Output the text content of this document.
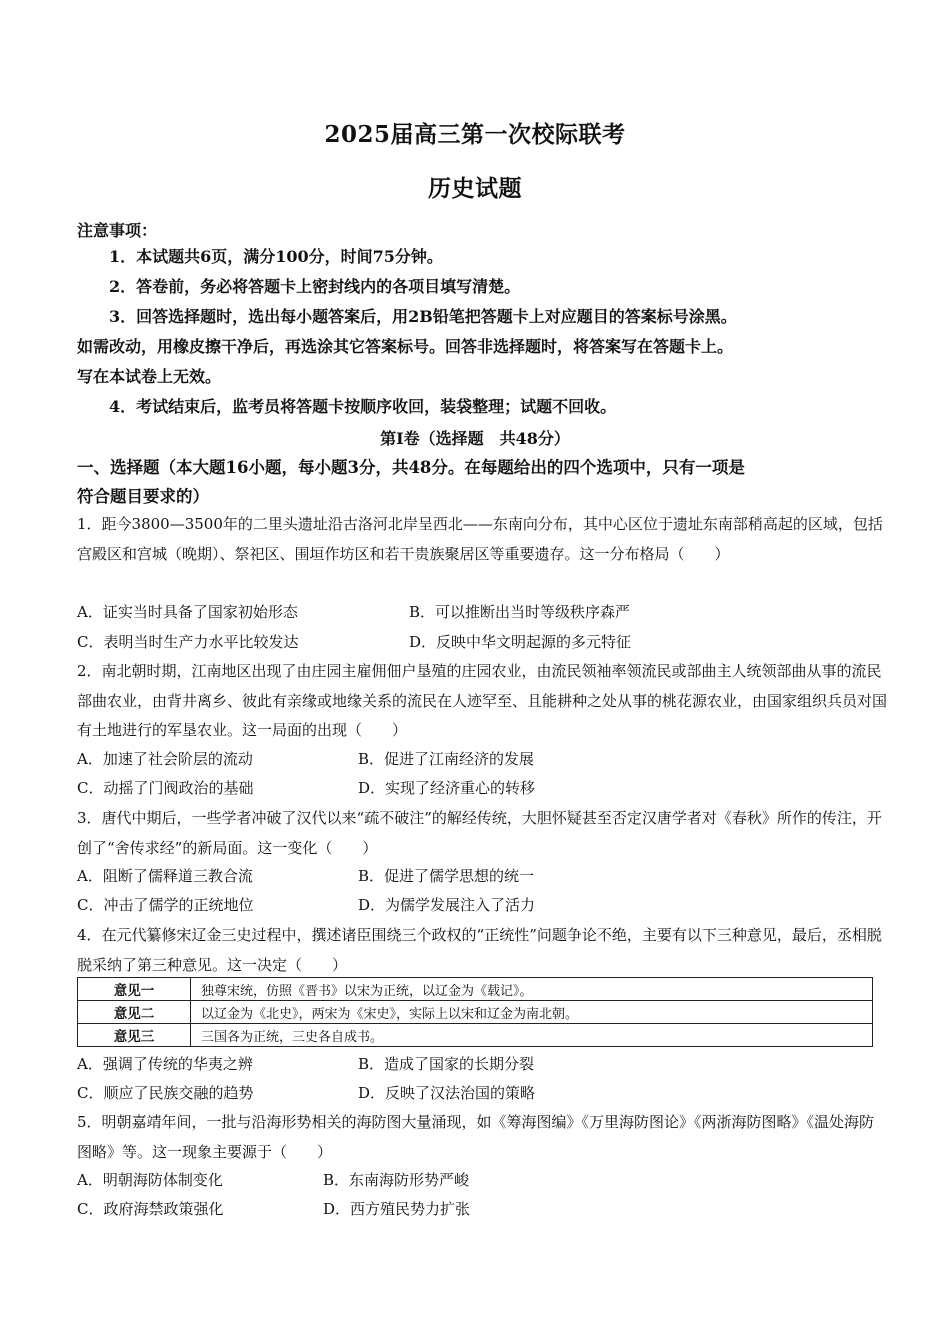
2025届高三第一次校际联考
历史试题
注意事项：
1．本试题共6页，满分100分，时间75分钟。
2．答卷前，务必将答题卡上密封线内的各项目填写清楚。
3．回答选择题时，选出每小题答案后，用2B铅笔把答题卡上对应题目的答案标号涂黑。
如需改动，用橡皮擦干净后，再选涂其它答案标号。回答非选择题时，将答案写在答题卡上。
写在本试卷上无效。
4．考试结束后，监考员将答题卡按顺序收回，装袋整理；试题不回收。
第Ⅰ卷（选择题　共48分）
一、选择题（本大题16小题，每小题3分，共48分。在每题给出的四个选项中，只有一项是
符合题目要求的）
1．距今3800—3500年的二里头遗址沿古洛河北岸呈西北——东南向分布，其中心区位于遗址东南部稍高起的区域，包括宫殿区和宫城（晚期）、祭祀区、围垣作坊区和若干贵族聚居区等重要遗存。这一分布格局（　　）
A．证实当时具备了国家初始形态	B．可以推断出当时等级秩序森严
C．表明当时生产力水平比较发达	D．反映中华文明起源的多元特征
2．南北朝时期，江南地区出现了由庄园主雇佣佃户垦殖的庄园农业，由流民领袖率领流民或部曲主人统领部曲从事的流民部曲农业，由背井离乡、彼此有亲缘或地缘关系的流民在人迹罕至、且能耕种之处从事的桃花源农业，由国家组织兵员对国有土地进行的军垦农业。这一局面的出现（　　）
A．加速了社会阶层的流动	B．促进了江南经济的发展
C．动摇了门阀政治的基础	D．实现了经济重心的转移
3．唐代中期后，一些学者冲破了汉代以来“疏不破注”的解经传统，大胆怀疑甚至否定汉唐学者对《春秋》所作的传注，开创了“舍传求经”的新局面。这一变化（　　）
A．阻断了儒释道三教合流	B．促进了儒学思想的统一
C．冲击了儒学的正统地位	D．为儒学发展注入了活力
4．在元代纂修宋辽金三史过程中，撰述诸臣围绕三个政权的“正统性”问题争论不绝，主要有以下三种意见，最后，丞相脱脱采纳了第三种意见。这一决定（　　）
意见一	独尊宋统，仿照《晋书》以宋为正统，以辽金为《载记》。
意见二	以辽金为《北史》，两宋为《宋史》，实际上以宋和辽金为南北朝。
意见三	三国各为正统，三史各自成书。
A．强调了传统的华夷之辨	B．造成了国家的长期分裂
C．顺应了民族交融的趋势	D．反映了汉法治国的策略
5．明朝嘉靖年间，一批与沿海形势相关的海防图大量涌现，如《筹海图编》《万里海防图论》《两浙海防图略》《温处海防图略》等。这一现象主要源于（　　）
A．明朝海防体制变化	B．东南海防形势严峻
C．政府海禁政策强化	D．西方殖民势力扩张
